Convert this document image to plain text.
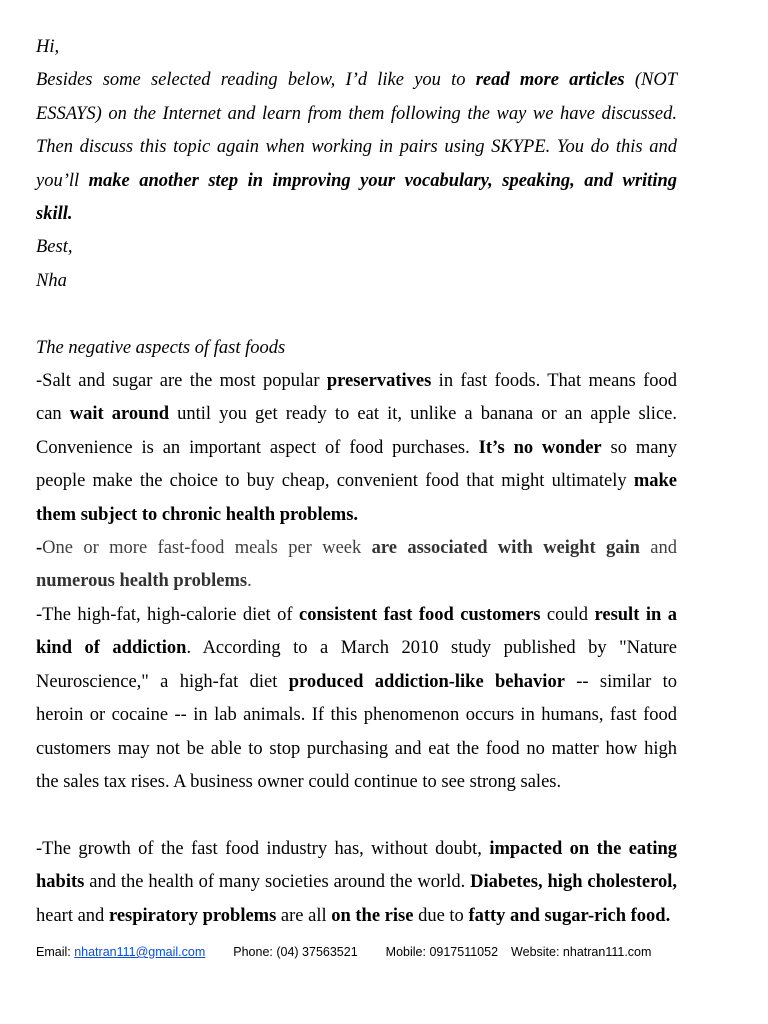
Hi,
Besides some selected reading below, I’d like you to read more articles (NOT
ESSAYS) on the Internet and learn from them following the way we have discussed.
Then discuss this topic again when working in pairs using SKYPE. You do this and
you’ll make another step in improving your vocabulary, speaking, and writing
skill.
Best,
Nha
The negative aspects of fast foods
-Salt and sugar are the most popular preservatives in fast foods. That means food
can wait around until you get ready to eat it, unlike a banana or an apple slice.
Convenience is an important aspect of food purchases. It’s no wonder so many
people make the choice to buy cheap, convenient food that might ultimately make
them subject to chronic health problems.
-One or more fast-food meals per week are associated with weight gain and
numerous health problems.
-The high-fat, high-calorie diet of consistent fast food customers could result in a
kind of addiction. According to a March 2010 study published by "Nature
Neuroscience," a high-fat diet produced addiction-like behavior -- similar to
heroin or cocaine -- in lab animals. If this phenomenon occurs in humans, fast food
customers may not be able to stop purchasing and eat the food no matter how high
the sales tax rises. A business owner could continue to see strong sales.
-The growth of the fast food industry has, without doubt, impacted on the eating
habits and the health of many societies around the world. Diabetes, high cholesterol,
heart and respiratory problems are all on the rise due to fatty and sugar-rich food.
Email: nhatran111@gmail.com Phone: (04) 37563521 Mobile: 0917511052 Website: nhatran111.com
